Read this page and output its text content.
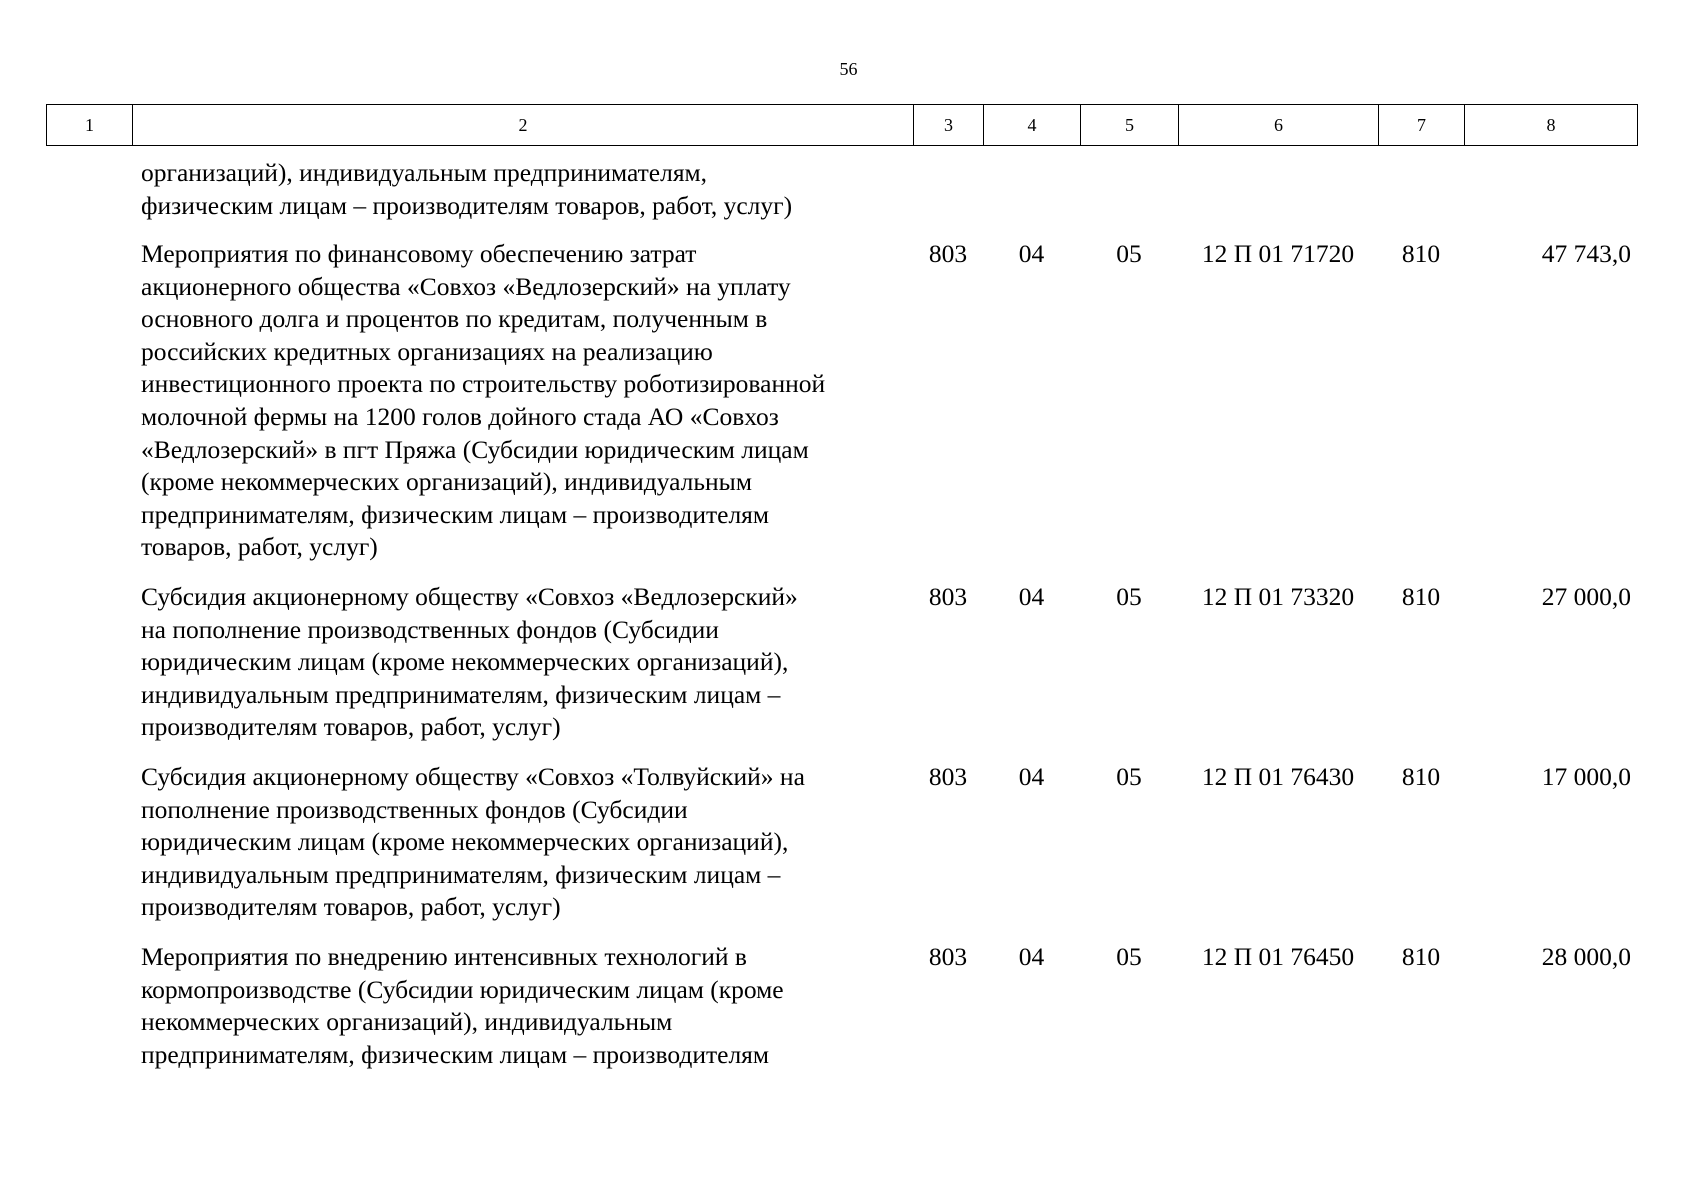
56
1	2	3	4	5	6	7	8
организаций), индивидуальным предпринимателям,
физическим лицам – производителям товаров, работ, услуг)
Мероприятия по финансовому обеспечению затрат
акционерного общества «Совхоз «Ведлозерский» на уплату
основного долга и процентов по кредитам, полученным в
российских кредитных организациях на реализацию
инвестиционного проекта по строительству роботизированной
молочной фермы на 1200 голов дойного стада АО «Совхоз
«Ведлозерский» в пгт Пряжа (Субсидии юридическим лицам
(кроме некоммерческих организаций), индивидуальным
предпринимателям, физическим лицам – производителям
товаров, работ, услуг)
803	04	05	12 П 01 71720	810	47 743,0
Субсидия акционерному обществу «Совхоз «Ведлозерский»
на пополнение производственных фондов (Субсидии
юридическим лицам (кроме некоммерческих организаций),
индивидуальным предпринимателям, физическим лицам –
производителям товаров, работ, услуг)
803	04	05	12 П 01 73320	810	27 000,0
Субсидия акционерному обществу «Совхоз «Толвуйский» на
пополнение производственных фондов (Субсидии
юридическим лицам (кроме некоммерческих организаций),
индивидуальным предпринимателям, физическим лицам –
производителям товаров, работ, услуг)
803	04	05	12 П 01 76430	810	17 000,0
Мероприятия по внедрению интенсивных технологий в
кормопроизводстве (Субсидии юридическим лицам (кроме
некоммерческих организаций), индивидуальным
предпринимателям, физическим лицам – производителям
803	04	05	12 П 01 76450	810	28 000,0
